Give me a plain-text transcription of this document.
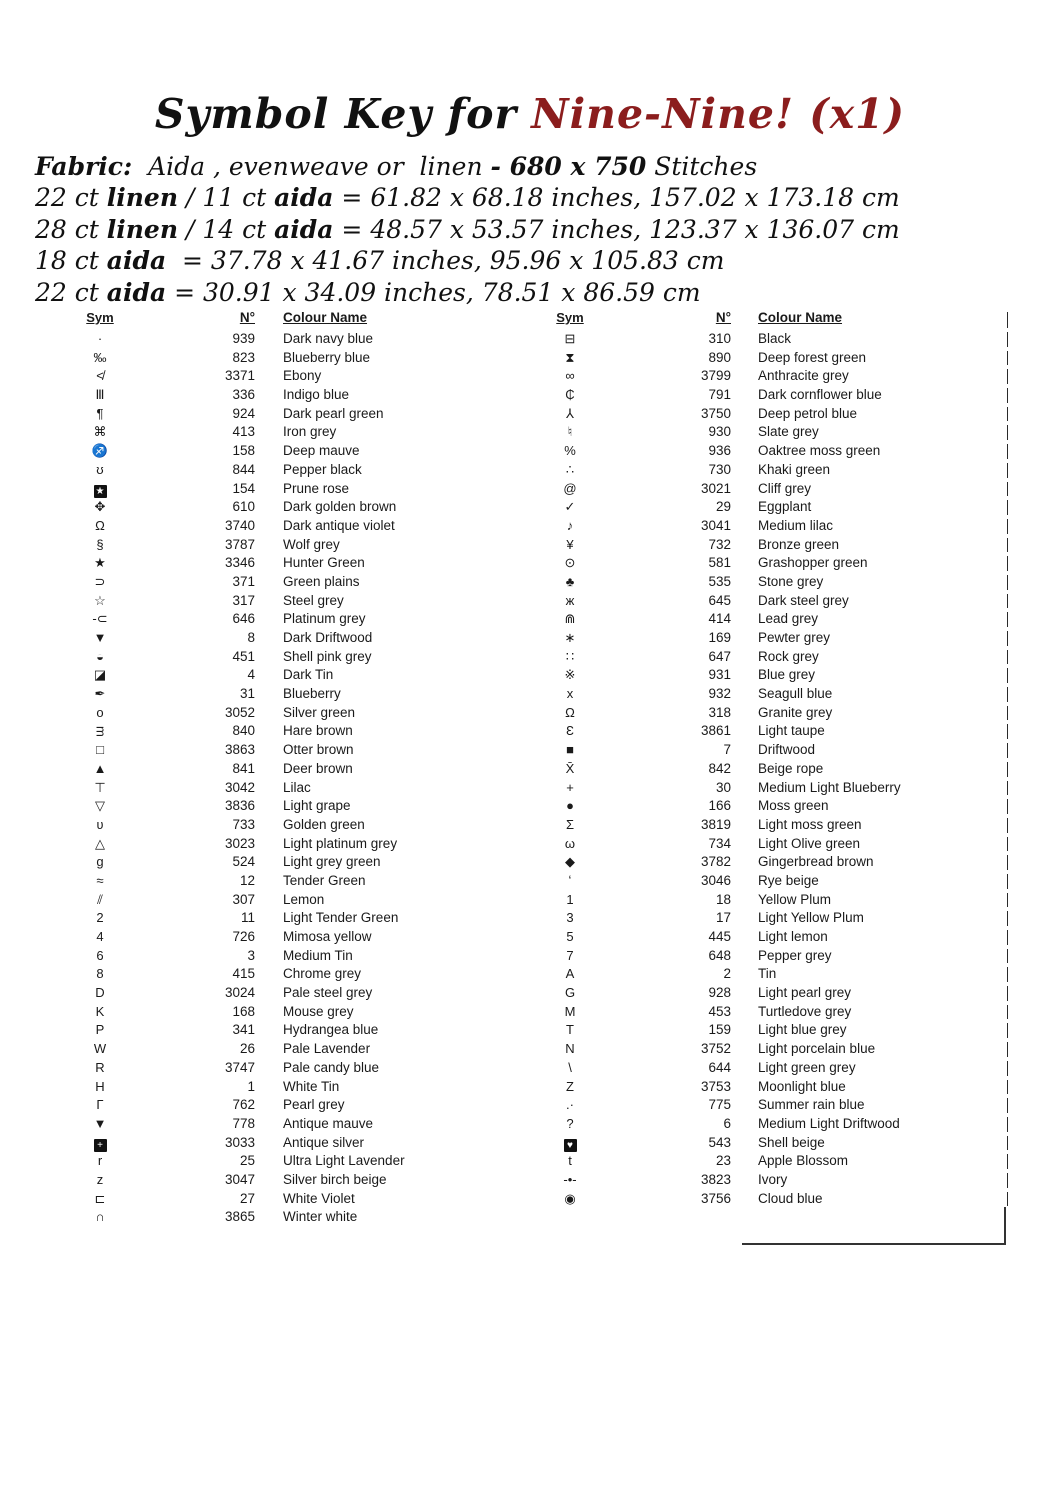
Symbol Key for Nine-Nine! (x1)
Fabric:  Aida , evenweave or  linen - 680 x 750 Stitches
22 ct linen / 11 ct aida = 61.82 x 68.18 inches, 157.02 x 173.18 cm
28 ct linen / 14 ct aida = 48.57 x 53.57 inches, 123.37 x 136.07 cm
18 ct aida  = 37.78 x 41.67 inches, 95.96 x 105.83 cm
22 ct aida = 30.91 x 34.09 inches, 78.51 x 86.59 cm
Sym	N°	Colour Name
·	939	Dark navy blue
‰	823	Blueberry blue
≮	3371	Ebony
Ⅲ	336	Indigo blue
¶	924	Dark pearl green
⌘	413	Iron grey
♐	158	Deep mauve
ʊ	844	Pepper black
★	154	Prune rose
✥	610	Dark golden brown
Ω	3740	Dark antique violet
§	3787	Wolf grey
★	3346	Hunter Green
⊃	371	Green plains
☆	317	Steel grey
-⊂	646	Platinum grey
▼	8	Dark Driftwood
◒	451	Shell pink grey
◪	4	Dark Tin
✒	31	Blueberry
o	3052	Silver green
ᴟ	840	Hare brown
□	3863	Otter brown
▲	841	Deer brown
⊤	3042	Lilac
▽	3836	Light grape
ʋ	733	Golden green
△	3023	Light platinum grey
g	524	Light grey green
≈	12	Tender Green
⫽	307	Lemon
2	11	Light Tender Green
4	726	Mimosa yellow
6	3	Medium Tin
8	415	Chrome grey
D	3024	Pale steel grey
K	168	Mouse grey
P	341	Hydrangea blue
W	26	Pale Lavender
R	3747	Pale candy blue
H	1	White Tin
Γ	762	Pearl grey
▼	778	Antique mauve
+	3033	Antique silver
r	25	Ultra Light Lavender
z	3047	Silver birch beige
⊏	27	White Violet
∩	3865	Winter white
Sym	N°	Colour Name
⊟	310	Black
⧗	890	Deep forest green
∞	3799	Anthracite grey
₵	791	Dark cornflower blue
⅄	3750	Deep petrol blue
♮	930	Slate grey
%	936	Oaktree moss green
∴	730	Khaki green
@	3021	Cliff grey
✓	29	Eggplant
♪	3041	Medium lilac
¥	732	Bronze green
⊙	581	Grashopper green
♣	535	Stone grey
ж	645	Dark steel grey
⋒	414	Lead grey
∗	169	Pewter grey
∷	647	Rock grey
※	931	Blue grey
x	932	Seagull blue
Ω	318	Granite grey
Ɛ	3861	Light taupe
■	7	Driftwood
X̄	842	Beige rope
+	30	Medium Light Blueberry
●	166	Moss green
Σ	3819	Light moss green
ω	734	Light Olive green
◆	3782	Gingerbread brown
ʻ	3046	Rye beige
1	18	Yellow Plum
3	17	Light Yellow Plum
5	445	Light lemon
7	648	Pepper grey
A	2	Tin
G	928	Light pearl grey
M	453	Turtledove grey
T	159	Light blue grey
N	3752	Light porcelain blue
\	644	Light green grey
Z	3753	Moonlight blue
.·	775	Summer rain blue
?	6	Medium Light Driftwood
♥	543	Shell beige
t	23	Apple Blossom
-•-	3823	Ivory
◉	3756	Cloud blue
